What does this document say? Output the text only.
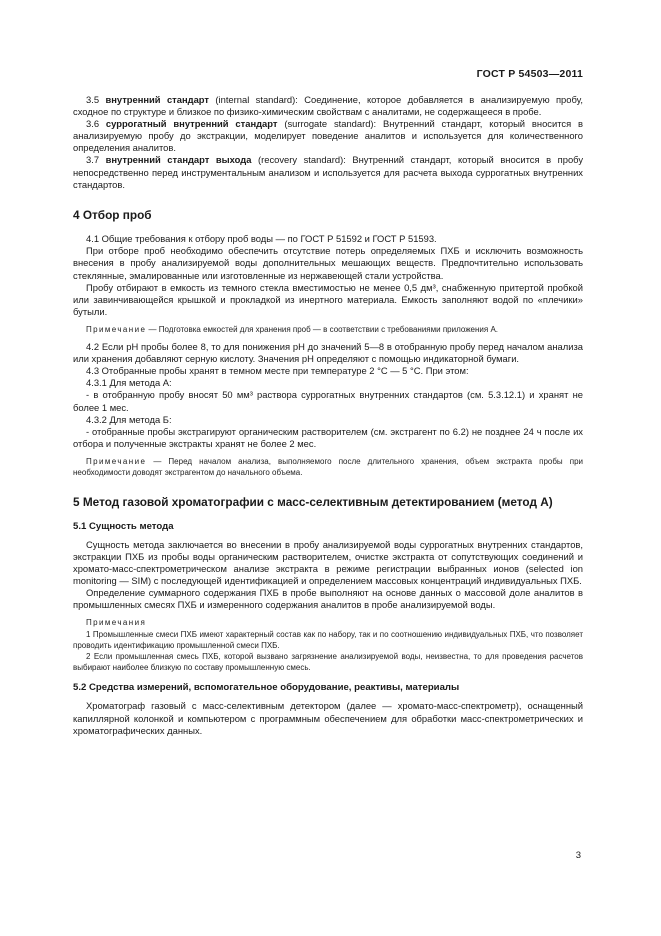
ГОСТ Р 54503—2011

3.5 внутренний стандарт (internal standard): Соединение, которое добавляется в анализируемую пробу, сходное по структуре и близкое по физико-химическим свойствам с аналитами, не содержащееся в пробе.

3.6 суррогатный внутренний стандарт (surrogate standard): Внутренний стандарт, который вносится в анализируемую пробу до экстракции, моделирует поведение аналитов и используется для количественного определения аналитов.

3.7 внутренний стандарт выхода (recovery standard): Внутренний стандарт, который вносится в пробу непосредственно перед инструментальным анализом и используется для расчета выхода суррогатных внутренних стандартов.

4 Отбор проб

4.1 Общие требования к отбору проб воды — по ГОСТ Р 51592 и ГОСТ Р 51593.

При отборе проб необходимо обеспечить отсутствие потерь определяемых ПХБ и исключить возможность внесения в пробу анализируемой воды дополнительных мешающих веществ. Предпочтительно использовать стеклянные, эмалированные или изготовленные из нержавеющей стали устройства.

Пробу отбирают в емкость из темного стекла вместимостью не менее 0,5 дм³, снабженную притертой пробкой или завинчивающейся крышкой и прокладкой из инертного материала. Емкость заполняют водой по «плечики» бутыли.

Примечание — Подготовка емкостей для хранения проб — в соответствии с требованиями приложения А.

4.2 Если pH пробы более 8, то для понижения pH до значений 5—8 в отобранную пробу перед началом анализа или хранения добавляют серную кислоту. Значения pH определяют с помощью индикаторной бумаги.

4.3 Отобранные пробы хранят в темном месте при температуре 2 °С — 5 °С. При этом:

4.3.1 Для метода А:

- в отобранную пробу вносят 50 мм³ раствора суррогатных внутренних стандартов (см. 5.3.12.1) и хранят не более 1 мес.

4.3.2 Для метода Б:

- отобранные пробы экстрагируют органическим растворителем (см. экстрагент по 6.2) не позднее 24 ч после их отбора и полученные экстракты хранят не более 2 мес.

Примечание — Перед началом анализа, выполняемого после длительного хранения, объем экстракта пробы при необходимости доводят экстрагентом до начального объема.

5 Метод газовой хроматографии с масс-селективным детектированием (метод А)
5.1 Сущность метода

Сущность метода заключается во внесении в пробу анализируемой воды суррогатных внутренних стандартов, экстракции ПХБ из пробы воды органическим растворителем, очистке экстракта от сопутствующих соединений и хромато-масс-спектрометрическом анализе экстракта в режиме регистрации выбранных ионов (selected ion monitoring — SIM) с последующей идентификацией и определением массовых концентраций индивидуальных ПХБ.

Определение суммарного содержания ПХБ в пробе выполняют на основе данных о массовой доле аналитов в промышленных смесях ПХБ и измеренного содержания аналитов в пробе анализируемой воды.

Примечания

1 Промышленные смеси ПХБ имеют характерный состав как по набору, так и по соотношению индивидуальных ПХБ, что позволяет проводить идентификацию промышленной смеси ПХБ.

2 Если промышленная смесь ПХБ, которой вызвано загрязнение анализируемой воды, неизвестна, то для проведения расчетов выбирают наиболее близкую по составу промышленную смесь.

5.2 Средства измерений, вспомогательное оборудование, реактивы, материалы

Хроматограф газовый с масс-селективным детектором (далее — хромато-масс-спектрометр), оснащенный капиллярной колонкой и компьютером с программным обеспечением для обработки масс-спектрометрических и хроматографических данных.

3
